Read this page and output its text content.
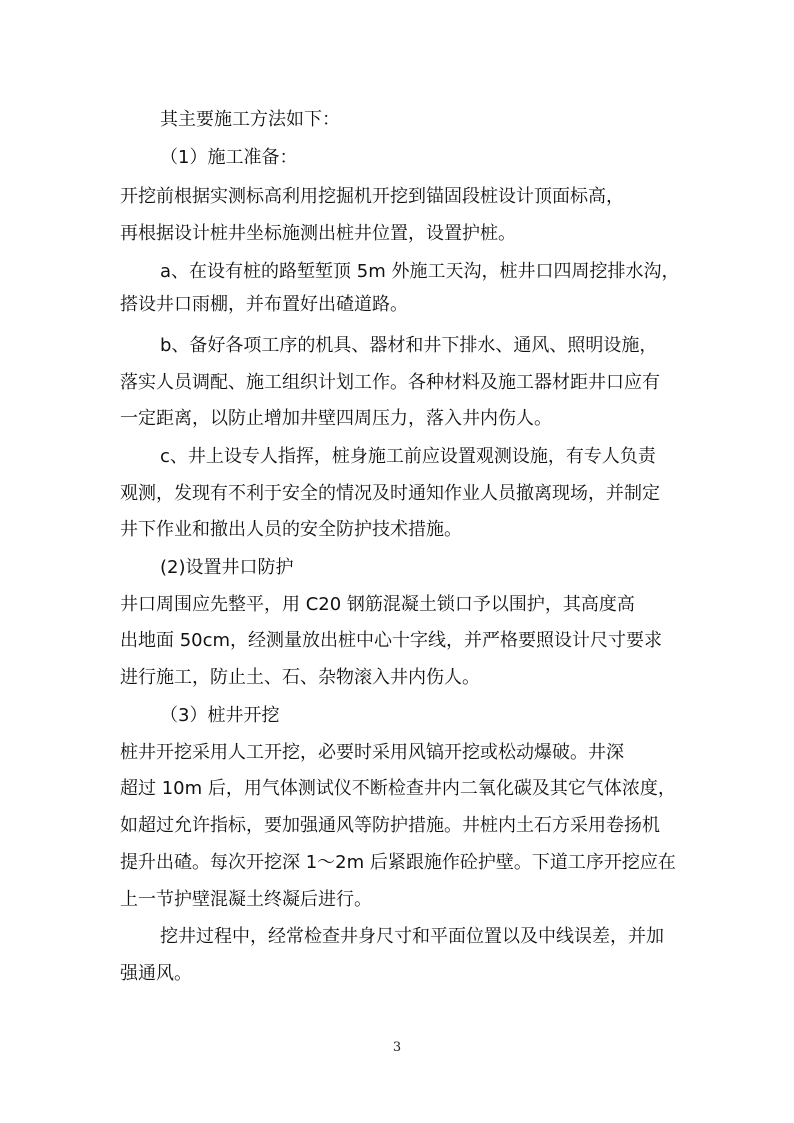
其主要施工方法如下：
（1）施工准备：
开挖前根据实测标高利用挖掘机开挖到锚固段桩设计顶面标高，
再根据设计桩井坐标施测出桩井位置，设置护桩。
a、在设有桩的路堑堑顶 5m 外施工天沟，桩井口四周挖排水沟，
搭设井口雨棚，并布置好出碴道路。
b、备好各项工序的机具、器材和井下排水、通风、照明设施，
落实人员调配、施工组织计划工作。各种材料及施工器材距井口应有
一定距离，以防止增加井壁四周压力，落入井内伤人。
c、井上设专人指挥，桩身施工前应设置观测设施，有专人负责
观测，发现有不利于安全的情况及时通知作业人员撤离现场，并制定
井下作业和撤出人员的安全防护技术措施。
(2)设置井口防护
井口周围应先整平，用 C20 钢筋混凝土锁口予以围护，其高度高
出地面 50cm，经测量放出桩中心十字线，并严格要照设计尺寸要求
进行施工，防止土、石、杂物滚入井内伤人。
（3）桩井开挖
桩井开挖采用人工开挖，必要时采用风镐开挖或松动爆破。井深
超过 10m 后，用气体测试仪不断检查井内二氧化碳及其它气体浓度，
如超过允许指标，要加强通风等防护措施。井桩内土石方采用卷扬机
提升出碴。每次开挖深 1～2m 后紧跟施作砼护壁。下道工序开挖应在
上一节护壁混凝土终凝后进行。
挖井过程中，经常检查井身尺寸和平面位置以及中线误差，并加
强通风。
3
